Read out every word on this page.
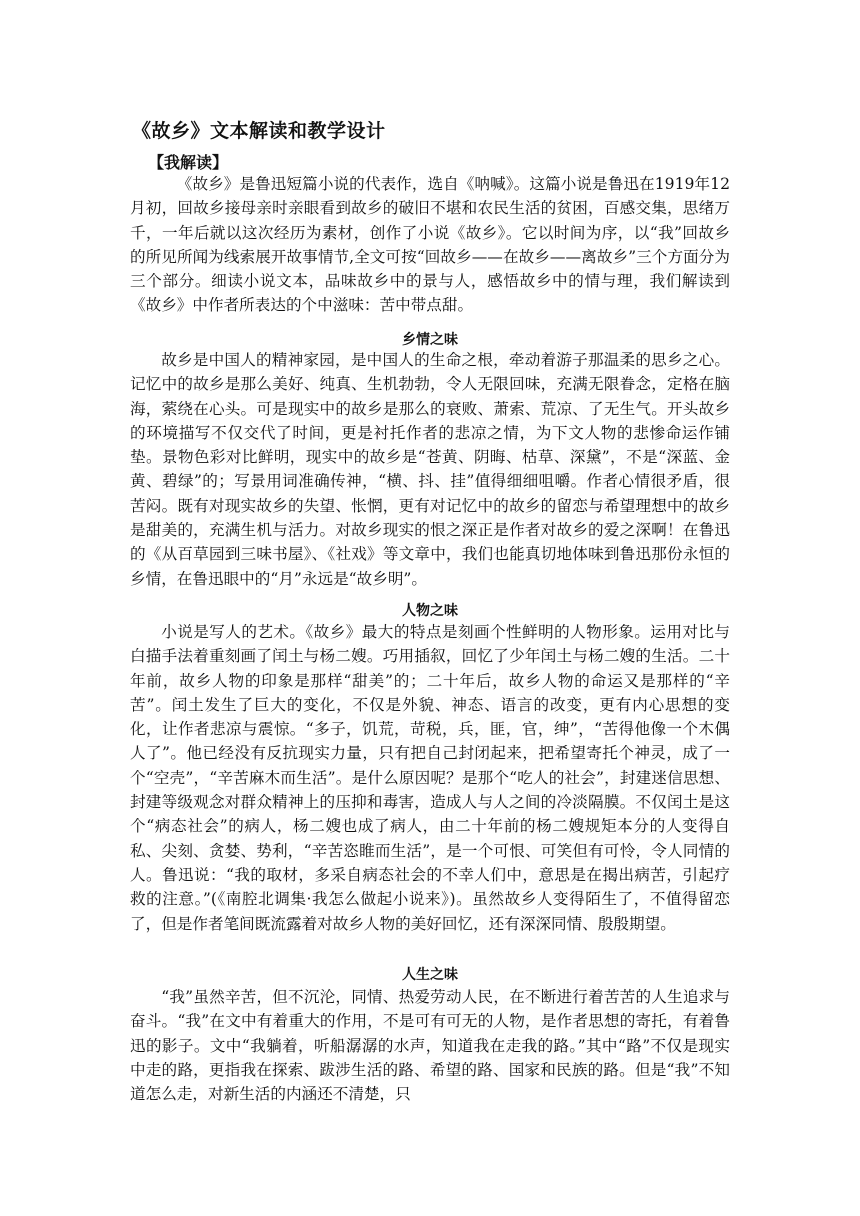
《故乡》文本解读和教学设计
【我解读】

《故乡》是鲁迅短篇小说的代表作，选自《呐喊》。这篇小说是鲁迅在1919年12月初，回故乡接母亲时亲眼看到故乡的破旧不堪和农民生活的贫困，百感交集，思绪万千，一年后就以这次经历为素材，创作了小说《故乡》。它以时间为序，以“我”回故乡的所见所闻为线索展开故事情节,全文可按“回故乡——在故乡——离故乡”三个方面分为三个部分。细读小说文本，品味故乡中的景与人，感悟故乡中的情与理，我们解读到《故乡》中作者所表达的个中滋味：苦中带点甜。

乡情之味

故乡是中国人的精神家园，是中国人的生命之根，牵动着游子那温柔的思乡之心。记忆中的故乡是那么美好、纯真、生机勃勃，令人无限回味，充满无限眷念，定格在脑海，萦绕在心头。可是现实中的故乡是那么的衰败、萧索、荒凉、了无生气。开头故乡的环境描写不仅交代了时间，更是衬托作者的悲凉之情，为下文人物的悲惨命运作铺垫。景物色彩对比鲜明，现实中的故乡是“苍黄、阴晦、枯草、深黛”，不是“深蓝、金黄、碧绿”的；写景用词准确传神，“横、抖、挂”值得细细咀嚼。作者心情很矛盾，很苦闷。既有对现实故乡的失望、怅惘，更有对记忆中的故乡的留恋与希望理想中的故乡是甜美的，充满生机与活力。对故乡现实的恨之深正是作者对故乡的爱之深啊！在鲁迅的《从百草园到三味书屋》、《社戏》等文章中，我们也能真切地体味到鲁迅那份永恒的乡情，在鲁迅眼中的“月”永远是“故乡明”。

人物之味

小说是写人的艺术。《故乡》最大的特点是刻画个性鲜明的人物形象。运用对比与白描手法着重刻画了闰土与杨二嫂。巧用插叙，回忆了少年闰土与杨二嫂的生活。二十年前，故乡人物的印象是那样“甜美”的；二十年后，故乡人物的命运又是那样的“辛苦”。闰土发生了巨大的变化，不仅是外貌、神态、语言的改变，更有内心思想的变化，让作者悲凉与震惊。“多子，饥荒，苛税，兵，匪，官，绅”，“苦得他像一个木偶人了”。他已经没有反抗现实力量，只有把自己封闭起来，把希望寄托个神灵，成了一个“空壳”，“辛苦麻木而生活”。是什么原因呢？是那个“吃人的社会”，封建迷信思想、封建等级观念对群众精神上的压抑和毒害，造成人与人之间的冷淡隔膜。不仅闰土是这个“病态社会”的病人，杨二嫂也成了病人，由二十年前的杨二嫂规矩本分的人变得自私、尖刻、贪婪、势利，“辛苦恣睢而生活”，是一个可恨、可笑但有可怜，令人同情的人。鲁迅说：“我的取材，多采自病态社会的不幸人们中，意思是在揭出病苦，引起疗救的注意。”(《南腔北调集·我怎么做起小说来》)。虽然故乡人变得陌生了，不值得留恋了，但是作者笔间既流露着对故乡人物的美好回忆，还有深深同情、殷殷期望。

人生之味

“我”虽然辛苦，但不沉沦，同情、热爱劳动人民，在不断进行着苦苦的人生追求与奋斗。“我”在文中有着重大的作用，不是可有可无的人物，是作者思想的寄托，有着鲁迅的影子。文中“我躺着，听船潺潺的水声，知道我在走我的路。”其中“路”不仅是现实中走的路，更指我在探索、跋涉生活的路、希望的路、国家和民族的路。但是“我”不知道怎么走，对新生活的内涵还不清楚，只
